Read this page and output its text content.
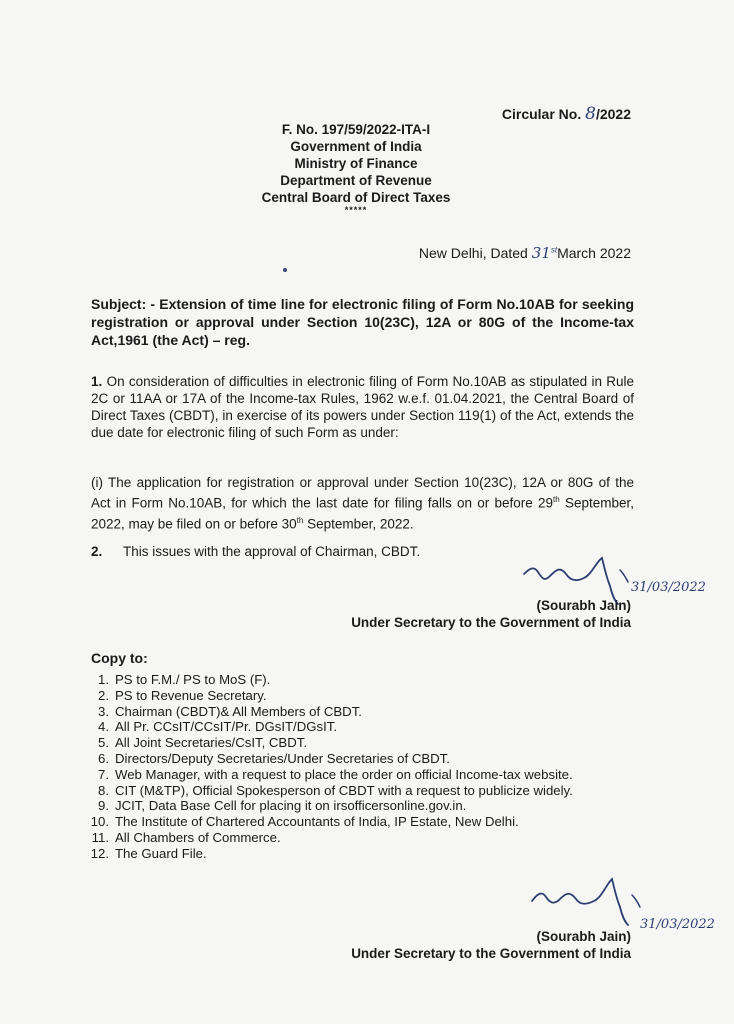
Circular No. 8/2022
F. No. 197/59/2022-ITA-I
Government of India
Ministry of Finance
Department of Revenue
Central Board of Direct Taxes
*****
New Delhi, Dated 31stMarch 2022
Subject: - Extension of time line for electronic filing of Form No.10AB for seeking registration or approval under Section 10(23C), 12A or 80G of the Income-tax Act,1961 (the Act) – reg.
1. On consideration of difficulties in electronic filing of Form No.10AB as stipulated in Rule 2C or 11AA or 17A of the Income-tax Rules, 1962 w.e.f. 01.04.2021, the Central Board of Direct Taxes (CBDT), in exercise of its powers under Section 119(1) of the Act, extends the due date for electronic filing of such Form as under:
(i) The application for registration or approval under Section 10(23C), 12A or 80G of the Act in Form No.10AB, for which the last date for filing falls on or before 29th September, 2022, may be filed on or before 30th September, 2022.
2. This issues with the approval of Chairman, CBDT.
31/03/2022
(Sourabh Jain)
Under Secretary to the Government of India
Copy to:
1. PS to F.M./ PS to MoS (F).
2. PS to Revenue Secretary.
3. Chairman (CBDT)& All Members of CBDT.
4. All Pr. CCsIT/CCsIT/Pr. DGsIT/DGsIT.
5. All Joint Secretaries/CsIT, CBDT.
6. Directors/Deputy Secretaries/Under Secretaries of CBDT.
7. Web Manager, with a request to place the order on official Income-tax website.
8. CIT (M&TP), Official Spokesperson of CBDT with a request to publicize widely.
9. JCIT, Data Base Cell for placing it on irsofficersonline.gov.in.
10. The Institute of Chartered Accountants of India, IP Estate, New Delhi.
11. All Chambers of Commerce.
12. The Guard File.
31/03/2022
(Sourabh Jain)
Under Secretary to the Government of India
